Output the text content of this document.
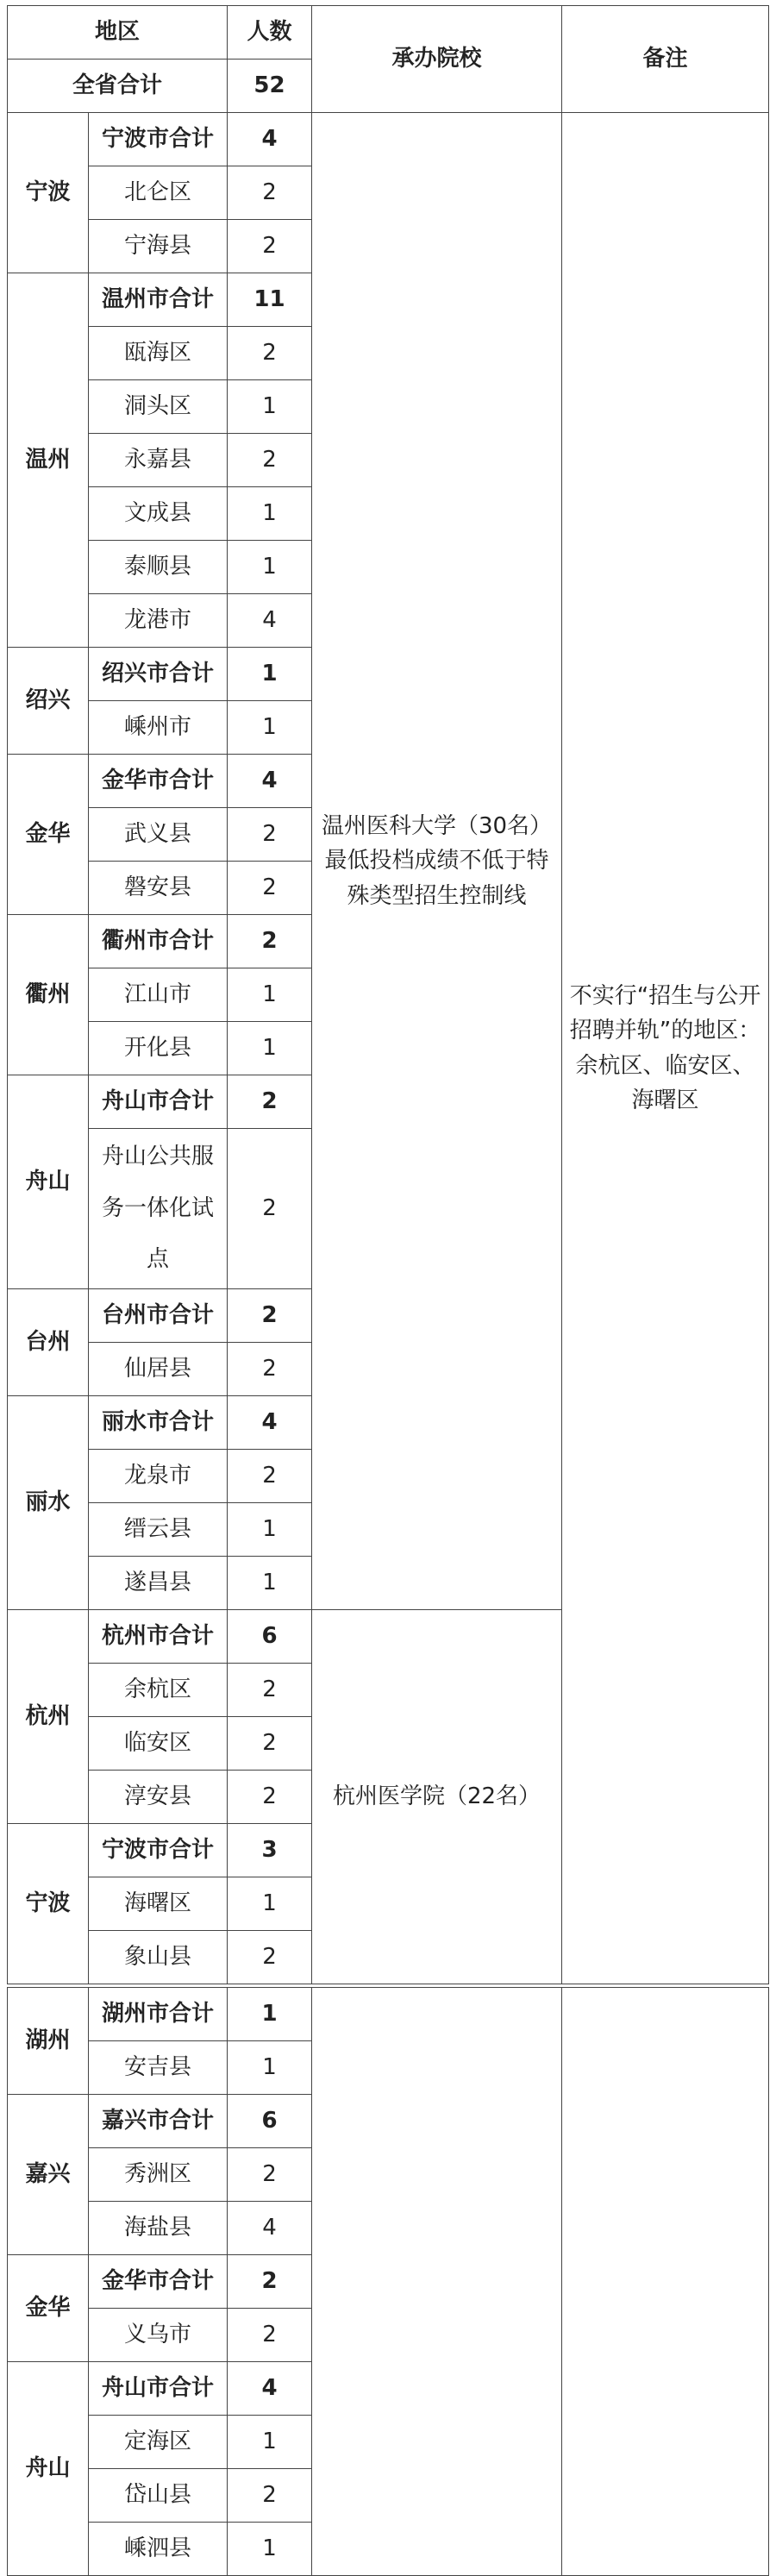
地区		人数	承办院校	备注
全省合计		52		
宁波	宁波市合计	4	温州医科大学（30名）最低投档成绩不低于特殊类型招生控制线	不实行“招生与公开招聘并轨”的地区：余杭区、临安区、海曙区
	北仑区	2		
	宁海县	2		
温州	温州市合计	11		
	瓯海区	2		
	洞头区	1		
	永嘉县	2		
	文成县	1		
	泰顺县	1		
	龙港市	4		
绍兴	绍兴市合计	1		
	嵊州市	1		
金华	金华市合计	4		
	武义县	2		
	磐安县	2		
衢州	衢州市合计	2		
	江山市	1		
	开化县	1		
舟山	舟山市合计	2		
	舟山公共服务一体化试点	2		
台州	台州市合计	2		
	仙居县	2		
丽水	丽水市合计	4		
	龙泉市	2		
	缙云县	1		
	遂昌县	1		
杭州	杭州市合计	6	杭州医学院（22名）	
	余杭区	2		
	临安区	2		
	淳安县	2		
宁波	宁波市合计	3		
	海曙区	1		
	象山县	2		

湖州	湖州市合计	1		
	安吉县	1		
嘉兴	嘉兴市合计	6		
	秀洲区	2		
	海盐县	4		
金华	金华市合计	2		
	义乌市	2		
舟山	舟山市合计	4		
	定海区	1		
	岱山县	2		
	嵊泗县	1		
